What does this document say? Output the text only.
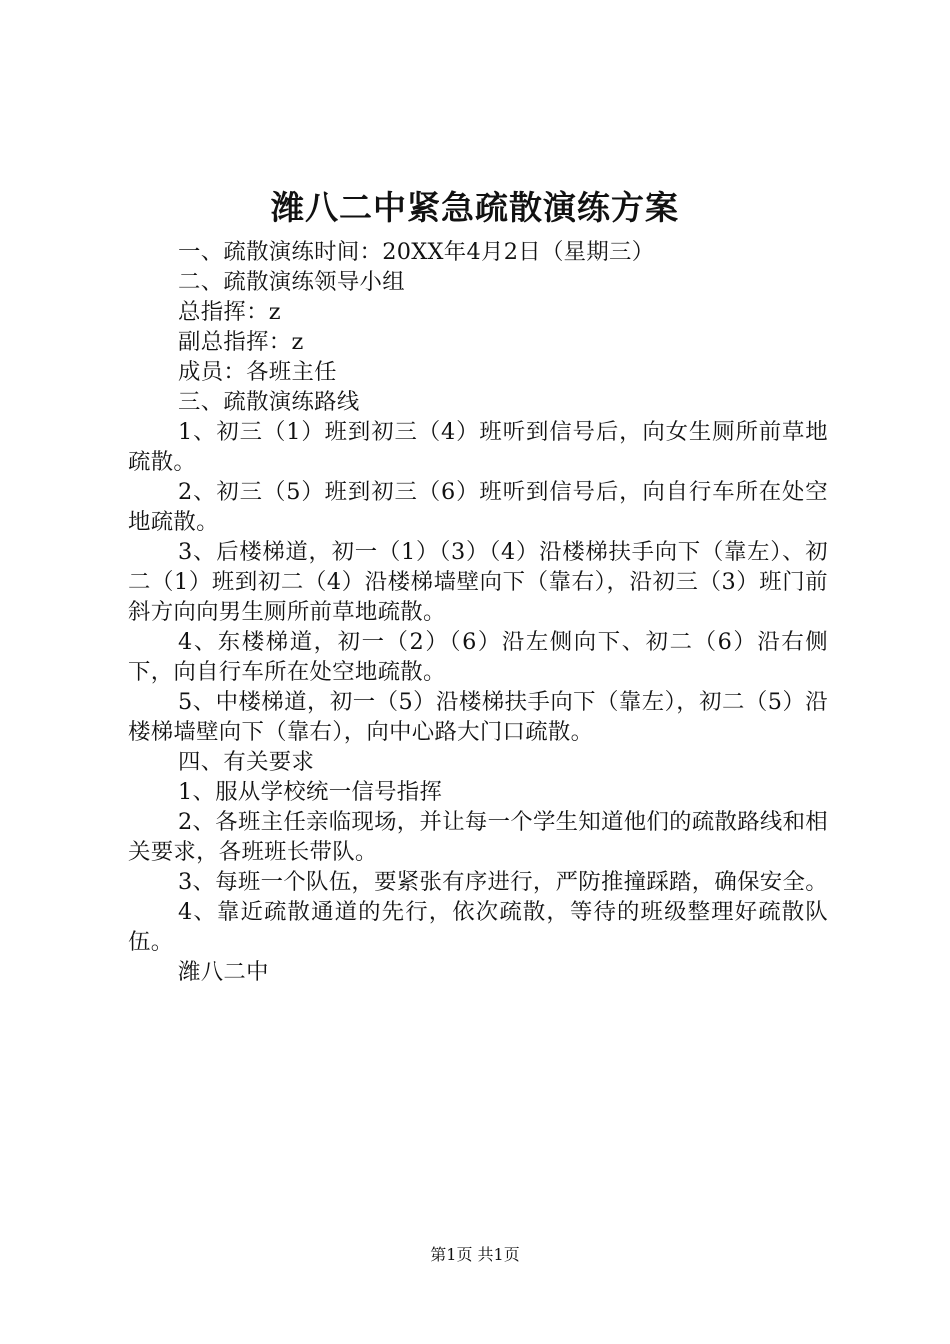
潍八二中紧急疏散演练方案

一、疏散演练时间：20XX年4月2日（星期三）

二、疏散演练领导小组

总指挥：z

副总指挥：z

成员：各班主任

三、疏散演练路线

1、初三（1）班到初三（4）班听到信号后，向女生厕所前草地疏散。

2、初三（5）班到初三（6）班听到信号后，向自行车所在处空地疏散。

3、后楼梯道，初一（1）（3）（4）沿楼梯扶手向下（靠左）、初二（1）班到初二（4）沿楼梯墙壁向下（靠右），沿初三（3）班门前斜方向向男生厕所前草地疏散。

4、东楼梯道，初一（2）（6）沿左侧向下、初二（6）沿右侧下，向自行车所在处空地疏散。

5、中楼梯道，初一（5）沿楼梯扶手向下（靠左），初二（5）沿楼梯墙壁向下（靠右），向中心路大门口疏散。

四、有关要求

1、服从学校统一信号指挥

2、各班主任亲临现场，并让每一个学生知道他们的疏散路线和相关要求，各班班长带队。

3、每班一个队伍，要紧张有序进行，严防推撞踩踏，确保安全。

4、靠近疏散通道的先行，依次疏散，等待的班级整理好疏散队伍。

潍八二中

第1页 共1页
